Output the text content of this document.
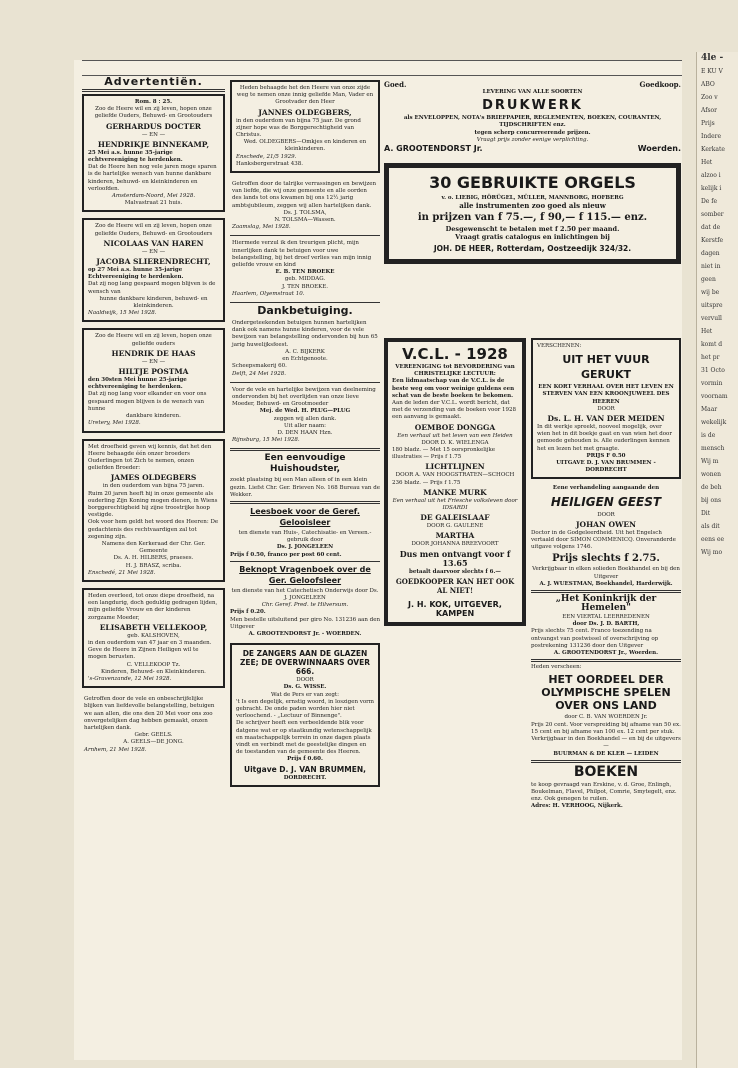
Advertentiën.

Rom. 8 : 25.

Zoo de Heere wil en zij leven, hopen onze geliefde Ouders, Behuwd- en Grootouders

GERHARDUS DOCTER

— EN —

HENDRIKJE BINNEKAMP,

25 Mei a.s. hunne 35-jarige echtvereeniging te herdenken.

Dat de Heere hen nog vele jaren moge sparen is de hartelijke wensch van hunne dankbare kinderen, behuwd- en kleinkinderen en verloofden.

Amsterdam-Noord, Mei 1928.

Malvastraat 21 huis.

Zoo de Heere wil en zij leven, hopen onze geliefde Ouders, Behuwd- en Grootouders

NICOLAAS VAN HAREN

— EN —

JACOBA SLIERENDRECHT,

op 27 Mei a.s. hunne 35-jarige Echtvereeniging te herdenken.

Dat zij nog lang gespaard mogen blijven is de wensch van

hunne dankbare kinderen, behuwd- en kleinkinderen.

Naaldwijk, 15 Mei 1928.

Zoo de Heere wil en zij leven, hopen onze geliefde ouders

HENDRIK DE HAAS

— EN —

HILTJE POSTMA

den 30sten Mei hunne 25-jarige echtvereeniging te herdenken.

Dat zij nog lang voor elkander en voor ons gespaard mogen blijven is de wensch van hunne

dankbare kinderen.

Uretery, Mei 1928.

Met droefheid geven wij kennis, dat het den Heere behaagde één onzer broeders Ouderlingen tot Zich te nemen, onzen geliefden Broeder:

JAMES OLDEGBERS

in den ouderdom van bijna 75 jaren.

Ruim 20 jaren heeft hij in onze gemeente als ouderling Zijn Koning mogen dienen, in Wiens borggerechtigheid hij zijne troostrijke hoop vestigde.

Ook voor hem geldt het woord des Heeren: De gedachtenis des rechtvaardigen zal tot zegening zijn.

Namens den Kerkeraad der Chr. Ger. Gemeente

Ds. A. H. HILBERS, praeses.

H. J. BRASZ, scriba.

Enschedé, 21 Mei 1928.

Heden overleed, tot onze diepe droefheid, na een langdurig, doch geduldig gedragen lijden, mijn geliefde Vrouw en der kinderen zorgzame Moeder,

ELISABETH VELLEKOOP,

geb. KALSHOVEN,

in den ouderdom van 47 jaar en 3 maanden.

Geve de Heere in Zijnen Heiligen wil te mogen berusten.

C. VELLEKOOP Tz.

Kinderen, Behuwd- en Kleinkinderen.

's-Gravenzande, 12 Mei 1928.

Getroffen door de vele en onbeschrijfelijke blijken van liefdevolle belangstelling, betuigen we aan allen, die ons den 20 Mei voor ons zoo onvergetelijken dag hebben gemaakt, onzen hartelijken dank.

Gebr. GEELS.

A. GEELS—DE JONG.

Arnhem, 21 Mei 1928.

Heden behaagde het den Heere van onze zijde weg te nemen onze innig geliefde Man, Vader en Grootvader den Heer

JANNES OLDEGBERS,

in den ouderdom van bijna 75 jaar. De grond zijner hope was de Borggerechtigheid van Christus.

Wed. OLDEGBERS—Omkjes en kinderen en kleinkinderen.

Enschede, 21/5 1929.

Hanksbergerstraat 438.

Getroffen door de talrijke verrassingen en bewijzen van liefde, die wij onze gemeente en alle oorden des lands tot ons kwamen bij ons 12½ jarig ambtsjubileum, zeggen wij allen hartelijken dank.

Ds. J. TOLSMA,

N. TOLSMA—Wassen.

Zaamslag, Mei 1928.

Hiermede verzul ik den treurigen plicht, mijn innerlijken dank te betuigen voor uwe belangstelling, bij het droef verlies van mijn innig geliefde vrouw en kind

E. B. TEN BROEKE

geb. MIDDAG.

J. TEN BROEKE.

Haarlem, Olyemstraat 10.

Dankbetuiging.

Ondergeteekenden betuigen hunnen hartelijken dank ook namens hunne kinderen, voor de vele bewijzen van belangstelling ondervonden bij hun 65 jarig huwelijksfeest.

A. C. BIJKERK

en Echtgenoote.

Scheepsmakerij 60.

Delft, 24 Mei 1928.

Voor de vele en hartelijke bewijzen van deelneming ondervonden bij het overlijden van onze lieve Moeder, Behuwd- en Grootmoeder

Mej. de Wed. H. PLUG—PLUG

zeggen wij allen dank.

Uit aller naam:

D. DEN HAAN Hzn.

Rijnsburg, 15 Mei 1928.

Een eenvoudige Huishoudster,

zoekt plaatsing bij een Man alleen of in een klein gezin. Liefst Chr. Ger. Brieven No. 168 Bureau van de Wekker.

Leesboek voor de Geref. Gelooisleer

ten dienste van Huis-, Catechisatie- en Vereen.-gebruik door

Ds. J. JONGELEEN

Prijs f 0.50, franco per post 60 cent.

Beknopt Vragenboek over de Ger. Geloofsleer

ten dienste van het Catechetisch Onderwijs door Ds. J. JONGELEEN

Chr. Geref. Pred. te Hilversum.

Prijs f 0.20.

Men bestelle uitsluitend per giro No. 131236 aan den Uitgever

A. GROOTENDORST Jr. - WOERDEN.

DE ZANGERS AAN DE GLAZEN ZEE; DE OVERWINNAARS OVER 666.

DOOR

Ds. G. WISSE.

Wat de Pers er van zegt:

't Is een degelijk, ernstig woord, in loszigen vorm gebracht. De onde paden worden hier niet verloochend. - „Lectuur of Binnenge".

De schrijver heeft een verbeeldende blik voor datgene wat er op staatkundig wetenschappelijk en maatschappelijk terrein in onze dagen plaats vindt en verbindt met de geestelijke dingen en de toestanden van de gemeente des Heeren.

Prijs f 0.60.

Uitgave D. J. VAN BRUMMEN,

DORDRECHT.

Goed.	Goedkoop.

LEVERING VAN ALLE SOORTEN

DRUKWERK

als ENVELOPPEN, NOTA's BRIEFPAPIER, REGLEMENTEN, BOEKEN, COURANTEN, TIJDSCHRIFTEN enz.

tegen scherp concurreerende prijzen.

Vraagt prijs zonder eenige verplichting.

A. GROOTENDORST Jr.	Woerden.
30 GEBRUIKTE ORGELS

v. o. LIEBIG, HÖRÜGEL, MÜLLER, MANNBORG, HOFBERG

alle instrumenten zoo goed als nieuw

in prijzen van f 75.—, f 90,— f 115.— enz.

Desgewenscht te betalen met f 2.50 per maand.

Vraagt gratis catalogus en inlichtingen bij

JOH. DE HEER, Rotterdam, Oostzeedijk 324/32.

V.C.L. - 1928

VEREENIGING tot BEVORDERING van CHRISTELIJKE LECTUUR:

Een lidmaatschap van de V.C.L. is de beste weg om voor weinige guldens een schat van de beste boeken te bekomen.

Aan de leden der V.C.L. wordt bericht, dat met de verzending van de boeken voor 1928 een aanvang is gemaakt.

OEMBOE DONGGA

Een verhaal uit het leven van een Heiden

DOOR D. K. WIELENGA

180 bladz. — Met 15 oorspronkelijke illustraties — Prijs f 1.75

LICHTLIJNEN

DOOR A. VAN HOOGSTRATEN—SCHOCH

236 bladz. — Prijs f 1.75

MANKE MURK

Een verhaal uit het Friesche volksleven door IDSARDI

DE GALEISLAAF

DOOR G. GAULENE

MARTHA

DOOR JOHANNA BREEVOORT

Dus men ontvangt voor f 13.65

betaalt daarvoor slechts f 6.—

GOEDKOOPER KAN HET OOK AL NIET!

J. H. KOK, UITGEVER, KAMPEN

VERSCHENEN:

UIT HET VUUR GERUKT

EEN KORT VERHAAL OVER HET LEVEN EN STERVEN VAN EEN KROONJUWEEL DES HEEREN

DOOR

Ds. L. H. VAN DER MEIDEN

In dit werkje spreekt, nooveel mogelijk, over wien het in dit boekje gaat en van wien het door gemoede gehouden is. Alle ouderlingen kennen het en lezen het met graagte.

PRIJS F 0.50

UITGAVE D. J. VAN BRUMMEN - DORDRECHT

Eene verhandeling aangaande den

HEILIGEN GEEST

DOOR

JOHAN OWEN

Doctor in de Godgeleerdheid. Uit het Engelsch vertaald door SIMON COMMENICQ. Onveranderde uitgave volgens 1746.

Prijs slechts f 2.75.

Verkrijgbaar in elken solieden Boekhandel en bij den Uitgever

A. J. WUESTMAN, Boekhandel, Harderwijk.

„Het Koninkrijk der Hemelen"

EEN VIERTAL LEERREDENEN

door Ds. J. D. BARTH,

Prijs slechts 75 cent. Franco toezending na ontvangst van postwissel of overschrijving op postrekening 131236 door den Uitgever

A. GROOTENDORST Jr., Woerden.

Heden verscheen:

HET OORDEEL DER OLYMPISCHE SPELEN OVER ONS LAND

door C. B. VAN WOERDEN Jr.

Prijs 20 cent. Voor verspreiding bij afname van 50 ex. 15 cent en bij afname van 100 ex. 12 cent per stuk.

Verkrijgbaar in den Boekhandel — en bij de uitgevers —

BUURMAN & DE KLER — LEIDEN

BOEKEN

te koop gevraagd van Erskine, v. d. Groe, Enlingh, Boukelman, Flavel, Philpot, Comrie, Smytegelt, enz. enz. Ook genegen te ruilen.

Adres: H. VERHOOG, Nijkerk.

4le -
E KU V
ABO
Zoo v
Afsor
Prijs
Indere
Kerkate
Het
alzoo i
kelijk i
De fe
somber
dat de
Kerstfe
dagen
niet in
geen
wij be
uitspre
vervull
Het
komt d
het pr
31 Octo
vormin
voornam
Maar
wekelijk
is de
mensch
Wij m
wonen
de beh
bij ons
Dit
als dit
eens ee
Wij mo
